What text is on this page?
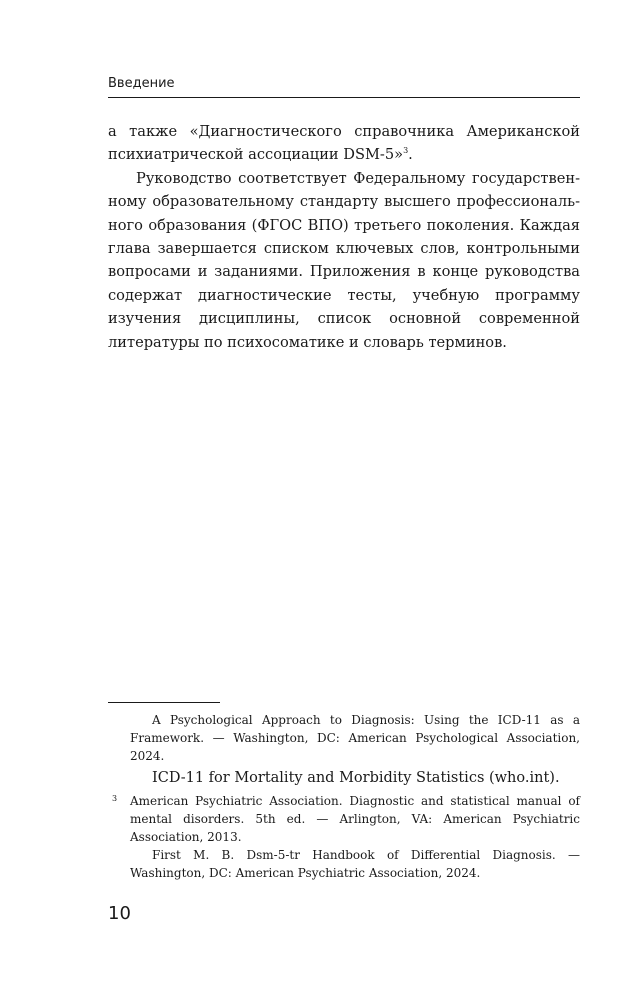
Введение

а также «Диагностического справочника Американской психиатрической ассоциации DSM-5»$^3$.

Руководство соответствует Федеральному государственному образовательному стандарту высшего профессионального образования (ФГОС ВПО) третьего поколения. Каждая глава завершается списком ключевых слов, контрольными вопросами и заданиями. Приложения в конце руководства содержат диагностические тесты, учебную программу изучения дисциплины, список основной современной литературы по психосоматике и словарь терминов.

A Psychological Approach to Diagnosis: Using the ICD-11 as a Framework. — Washington, DC: American Psychological Association, 2024.

ICD-11 for Mortality and Morbidity Statistics (who.int).

3 American Psychiatric Association. Diagnostic and statistical manual of mental disorders. 5th ed. — Arlington, VA: American Psychiatric Association, 2013.

First M. B. Dsm-5-tr Handbook of Differential Diagnosis. — Washington, DC: American Psychiatric Association, 2024.

10
